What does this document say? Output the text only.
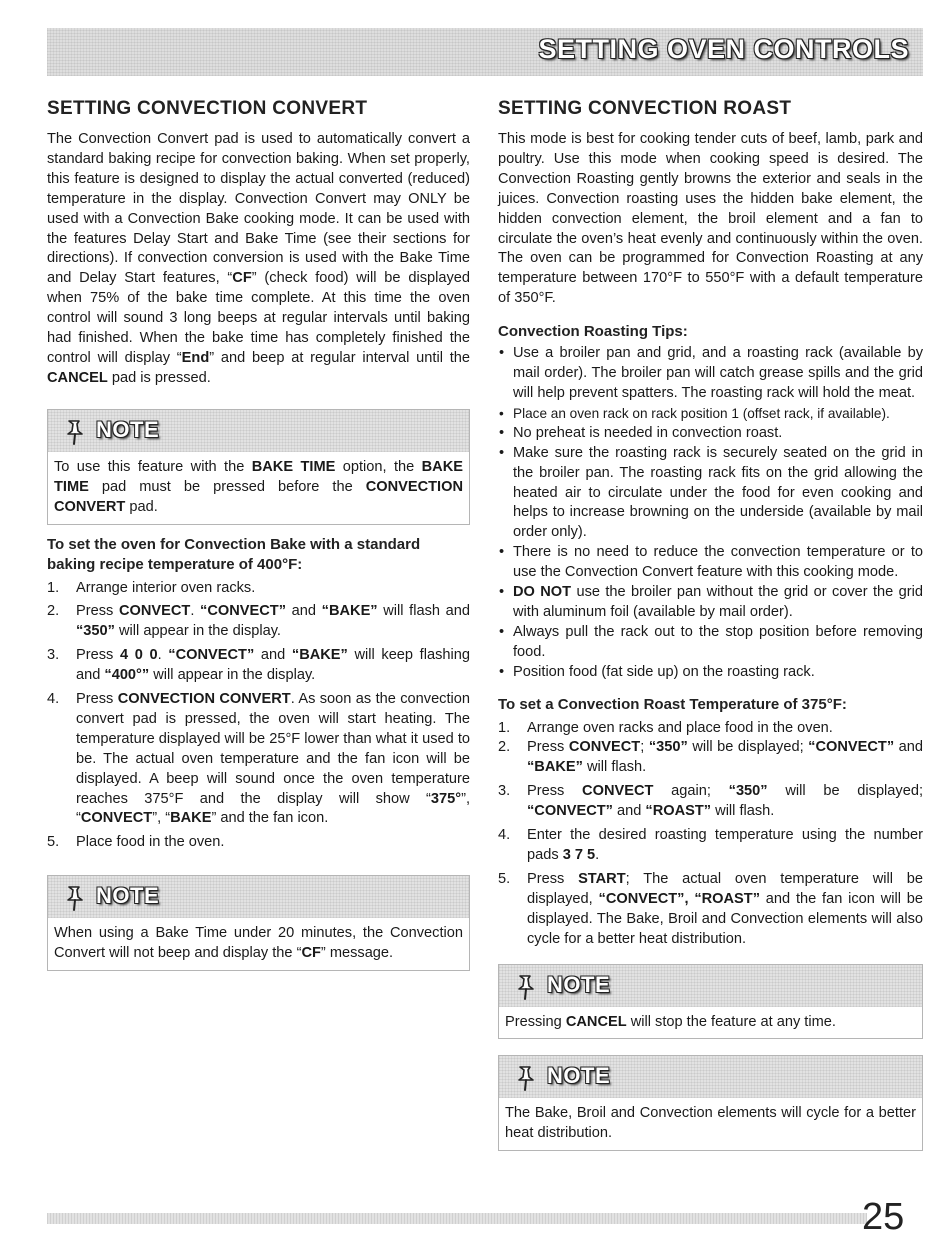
SETTING OVEN CONTROLS
SETTING CONVECTION CONVERT

The Convection Convert pad is used to automatically convert a standard baking recipe for convection baking. When set properly, this feature is designed to display the actual converted (reduced) temperature in the display. Convection Convert may ONLY be used with a Convection Bake cooking mode. It can be used with the features Delay Start and Bake Time (see their sections for directions). If convection conversion is used with the Bake Time and Delay Start features, “CF” (check food) will be displayed when 75% of the bake time complete. At this time the oven control will sound 3 long beeps at regular intervals until baking had finished. When the bake time has completely finished the control will display “End” and beep at regular interval until the CANCEL pad is pressed.

NOTE
To use this feature with the BAKE TIME option, the BAKE TIME pad must be pressed before the CONVECTION CONVERT pad.
To set the oven for Convection Bake with a standard baking recipe temperature of 400°F:
1. Arrange interior oven racks.
2. Press CONVECT. “CONVECT” and “BAKE” will flash and “350” will appear in the display.
3. Press 4 0 0. “CONVECT” and “BAKE” will keep flashing and “400°” will appear in the display.
4. Press CONVECTION CONVERT. As soon as the convection convert pad is pressed, the oven will start heating. The temperature displayed will be 25°F lower than what it used to be. The actual oven temperature and the fan icon will be displayed. A beep will sound once the oven temperature reaches 375°F and the display will show “375°”, “CONVECT”, “BAKE” and the fan icon.
5. Place food in the oven.
NOTE
When using a Bake Time under 20 minutes, the Convection Convert will not beep and display the “CF” message.
SETTING CONVECTION ROAST

This mode is best for cooking tender cuts of beef, lamb, park and poultry. Use this mode when cooking speed is desired. The Convection Roasting gently browns the exterior and seals in the juices. Convection roasting uses the hidden bake element, the hidden convection element, the broil element and a fan to circulate the oven’s heat evenly and continuously within the oven. The oven can be programmed for Convection Roasting at any temperature between 170°F to 550°F with a default temperature of 350°F.

Convection Roasting Tips:
• Use a broiler pan and grid, and a roasting rack (available by mail order). The broiler pan will catch grease spills and the grid will help prevent spatters. The roasting rack will hold the meat.
• Place an oven rack on rack position 1 (offset rack, if available).
• No preheat is needed in convection roast.
• Make sure the roasting rack is securely seated on the grid in the broiler pan. The roasting rack fits on the grid allowing the heated air to circulate under the food for even cooking and helps to increase browning on the underside (available by mail order only).
• There is no need to reduce the convection temperature or to use the Convection Convert feature with this cooking mode.
• DO NOT use the broiler pan without the grid or cover the grid with aluminum foil (available by mail order).
• Always pull the rack out to the stop position before removing food.
• Position food (fat side up) on the roasting rack.
To set a Convection Roast Temperature of 375°F:
1. Arrange oven racks and place food in the oven.
2. Press CONVECT; “350” will be displayed; “CONVECT” and “BAKE” will flash.
3. Press CONVECT again; “350” will be displayed; “CONVECT” and “ROAST” will flash.
4. Enter the desired roasting temperature using the number pads 3 7 5.
5. Press START; The actual oven temperature will be displayed, “CONVECT”, “ROAST” and the fan icon will be displayed. The Bake, Broil and Convection elements will also cycle for a better heat distribution.
NOTE
Pressing CANCEL will stop the feature at any time.
NOTE
The Bake, Broil and Convection elements will cycle for a better heat distribution.
25
